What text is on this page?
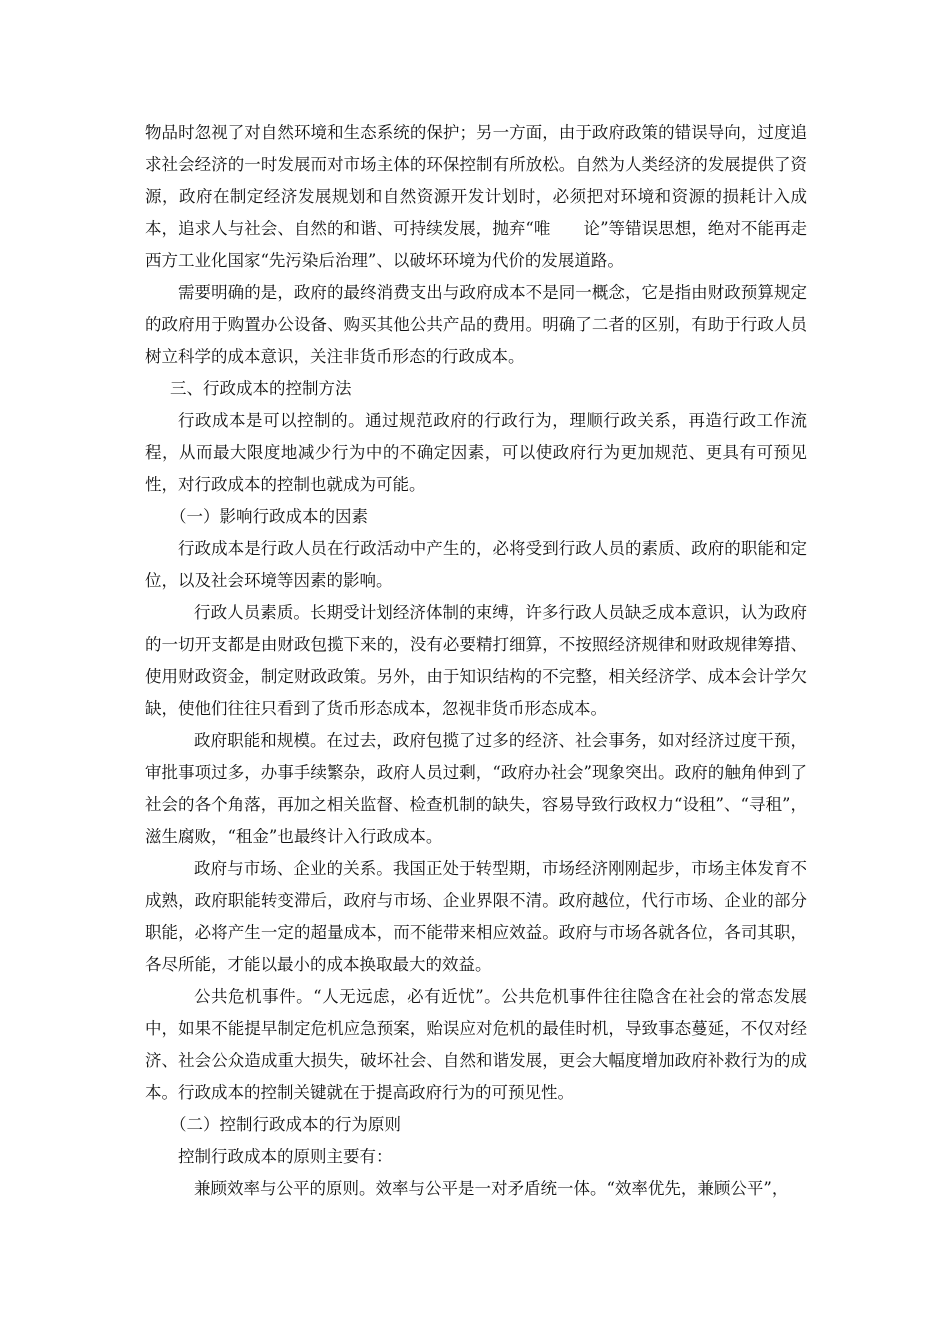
物品时忽视了对自然环境和生态系统的保护；另一方面，由于政府政策的错误导向，过度追求社会经济的一时发展而对市场主体的环保控制有所放松。自然为人类经济的发展提供了资源，政府在制定经济发展规划和自然资源开发计划时，必须把对环境和资源的损耗计入成本，追求人与社会、自然的和谐、可持续发展，抛弃“唯　　论”等错误思想，绝对不能再走西方工业化国家“先污染后治理”、以破坏环境为代价的发展道路。

需要明确的是，政府的最终消费支出与政府成本不是同一概念，它是指由财政预算规定的政府用于购置办公设备、购买其他公共产品的费用。明确了二者的区别，有助于行政人员树立科学的成本意识，关注非货币形态的行政成本。

三、行政成本的控制方法

行政成本是可以控制的。通过规范政府的行政行为，理顺行政关系，再造行政工作流程，从而最大限度地减少行为中的不确定因素，可以使政府行为更加规范、更具有可预见性，对行政成本的控制也就成为可能。

（一）影响行政成本的因素

行政成本是行政人员在行政活动中产生的，必将受到行政人员的素质、政府的职能和定位，以及社会环境等因素的影响。

行政人员素质。长期受计划经济体制的束缚，许多行政人员缺乏成本意识，认为政府的一切开支都是由财政包揽下来的，没有必要精打细算，不按照经济规律和财政规律筹措、使用财政资金，制定财政政策。另外，由于知识结构的不完整，相关经济学、成本会计学欠缺，使他们往往只看到了货币形态成本，忽视非货币形态成本。

政府职能和规模。在过去，政府包揽了过多的经济、社会事务，如对经济过度干预，审批事项过多，办事手续繁杂，政府人员过剩，“政府办社会”现象突出。政府的触角伸到了社会的各个角落，再加之相关监督、检查机制的缺失，容易导致行政权力“设租”、“寻租”，滋生腐败，“租金”也最终计入行政成本。

政府与市场、企业的关系。我国正处于转型期，市场经济刚刚起步，市场主体发育不成熟，政府职能转变滞后，政府与市场、企业界限不清。政府越位，代行市场、企业的部分职能，必将产生一定的超量成本，而不能带来相应效益。政府与市场各就各位，各司其职，各尽所能，才能以最小的成本换取最大的效益。

公共危机事件。“人无远虑，必有近忧”。公共危机事件往往隐含在社会的常态发展中，如果不能提早制定危机应急预案，贻误应对危机的最佳时机，导致事态蔓延，不仅对经济、社会公众造成重大损失，破坏社会、自然和谐发展，更会大幅度增加政府补救行为的成本。行政成本的控制关键就在于提高政府行为的可预见性。

（二）控制行政成本的行为原则

控制行政成本的原则主要有：

兼顾效率与公平的原则。效率与公平是一对矛盾统一体。“效率优先，兼顾公平”，
